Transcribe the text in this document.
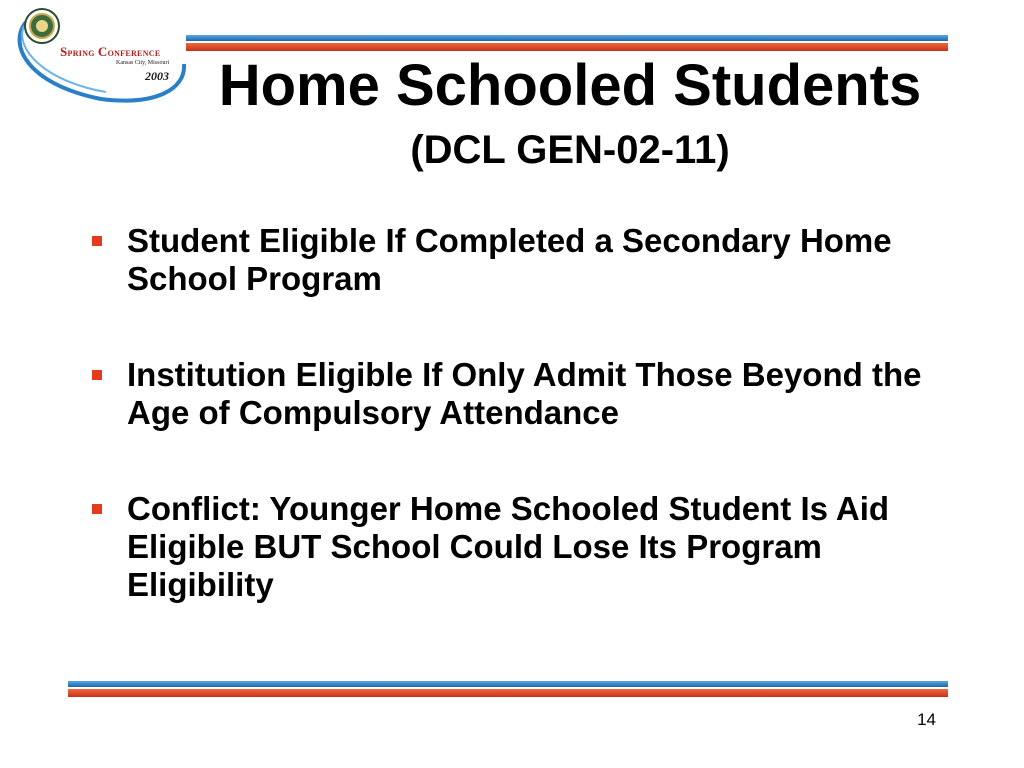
Spring Conference
Kansas City, Missouri
2003 Home Schooled Students
(DCL GEN-02-11)
Student Eligible If Completed a Secondary Home School Program
Institution Eligible If Only Admit Those Beyond the Age of Compulsory Attendance
Conflict: Younger Home Schooled Student Is Aid Eligible BUT School Could Lose Its Program Eligibility
14
